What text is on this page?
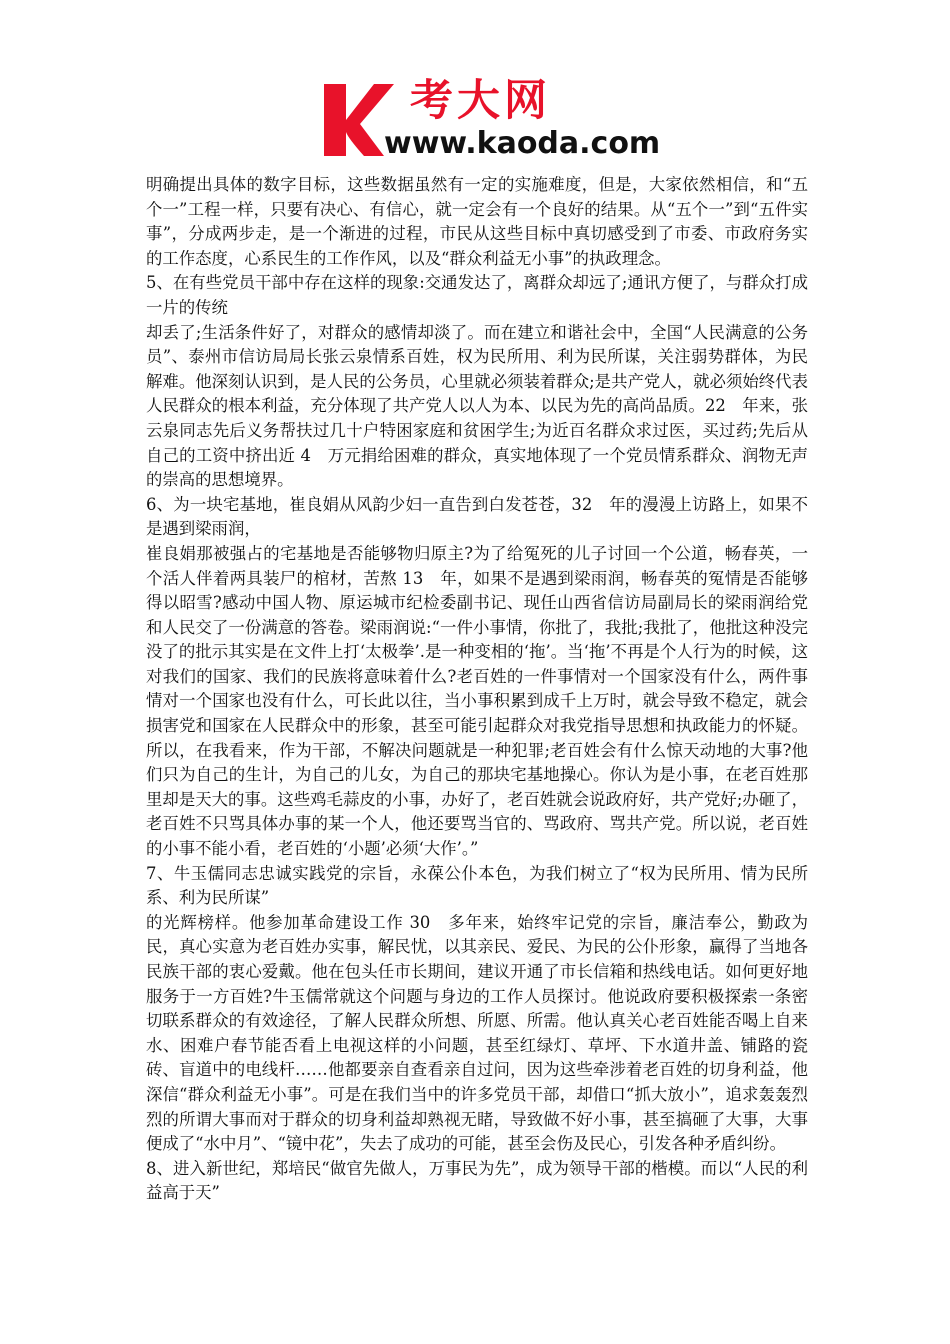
考大网
www.kaoda.com

明确提出具体的数字目标，这些数据虽然有一定的实施难度，但是，大家依然相信，和“五个一”工程一样，只要有决心、有信心，就一定会有一个良好的结果。从“五个一”到“五件实事”，分成两步走，是一个渐进的过程，市民从这些目标中真切感受到了市委、市政府务实的工作态度，心系民生的工作作风，以及“群众利益无小事”的执政理念。

5、在有些党员干部中存在这样的现象:交通发达了，离群众却远了;通讯方便了，与群众打成一片的传统

却丢了;生活条件好了，对群众的感情却淡了。而在建立和谐社会中，全国“人民满意的公务员”、泰州市信访局局长张云泉情系百姓，权为民所用、利为民所谋，关注弱势群体，为民解难。他深刻认识到，是人民的公务员，心里就必须装着群众;是共产党人，就必须始终代表人民群众的根本利益，充分体现了共产党人以人为本、以民为先的高尚品质。22　年来，张云泉同志先后义务帮扶过几十户特困家庭和贫困学生;为近百名群众求过医，买过药;先后从自己的工资中挤出近 4　万元捐给困难的群众，真实地体现了一个党员情系群众、润物无声的崇高的思想境界。

6、为一块宅基地，崔良娟从风韵少妇一直告到白发苍苍，32　年的漫漫上访路上，如果不是遇到梁雨润，

崔良娟那被强占的宅基地是否能够物归原主?为了给冤死的儿子讨回一个公道，畅春英，一个活人伴着两具装尸的棺材，苦熬 13　年，如果不是遇到梁雨润，畅春英的冤情是否能够得以昭雪?感动中国人物、原运城市纪检委副书记、现任山西省信访局副局长的梁雨润给党和人民交了一份满意的答卷。梁雨润说:“一件小事情，你批了，我批;我批了，他批这种没完没了的批示其实是在文件上打‘太极拳’.是一种变相的‘拖’。当‘拖’不再是个人行为的时候，这对我们的国家、我们的民族将意味着什么?老百姓的一件事情对一个国家没有什么，两件事情对一个国家也没有什么，可长此以往，当小事积累到成千上万时，就会导致不稳定，就会损害党和国家在人民群众中的形象，甚至可能引起群众对我党指导思想和执政能力的怀疑。所以，在我看来，作为干部，不解决问题就是一种犯罪;老百姓会有什么惊天动地的大事?他们只为自己的生计，为自己的儿女，为自己的那块宅基地操心。你认为是小事，在老百姓那里却是天大的事。这些鸡毛蒜皮的小事，办好了，老百姓就会说政府好，共产党好;办砸了，老百姓不只骂具体办事的某一个人，他还要骂当官的、骂政府、骂共产党。所以说，老百姓的小事不能小看，老百姓的‘小题’必须‘大作’。”

7、牛玉儒同志忠诚实践党的宗旨，永葆公仆本色，为我们树立了“权为民所用、情为民所系、利为民所谋”

的光辉榜样。他参加革命建设工作 30　多年来，始终牢记党的宗旨，廉洁奉公，勤政为民，真心实意为老百姓办实事，解民忧，以其亲民、爱民、为民的公仆形象，赢得了当地各民族干部的衷心爱戴。他在包头任市长期间，建议开通了市长信箱和热线电话。如何更好地服务于一方百姓?牛玉儒常就这个问题与身边的工作人员探讨。他说政府要积极探索一条密切联系群众的有效途径，了解人民群众所想、所愿、所需。他认真关心老百姓能否喝上自来水、困难户春节能否看上电视这样的小问题，甚至红绿灯、草坪、下水道井盖、铺路的瓷砖、盲道中的电线杆……他都要亲自查看亲自过问，因为这些牵涉着老百姓的切身利益，他深信“群众利益无小事”。可是在我们当中的许多党员干部，却借口“抓大放小”，追求轰轰烈烈的所谓大事而对于群众的切身利益却熟视无睹，导致做不好小事，甚至搞砸了大事，大事便成了“水中月”、“镜中花”，失去了成功的可能，甚至会伤及民心，引发各种矛盾纠纷。

8、进入新世纪，郑培民“做官先做人，万事民为先”，成为领导干部的楷模。而以“人民的利益高于天”
